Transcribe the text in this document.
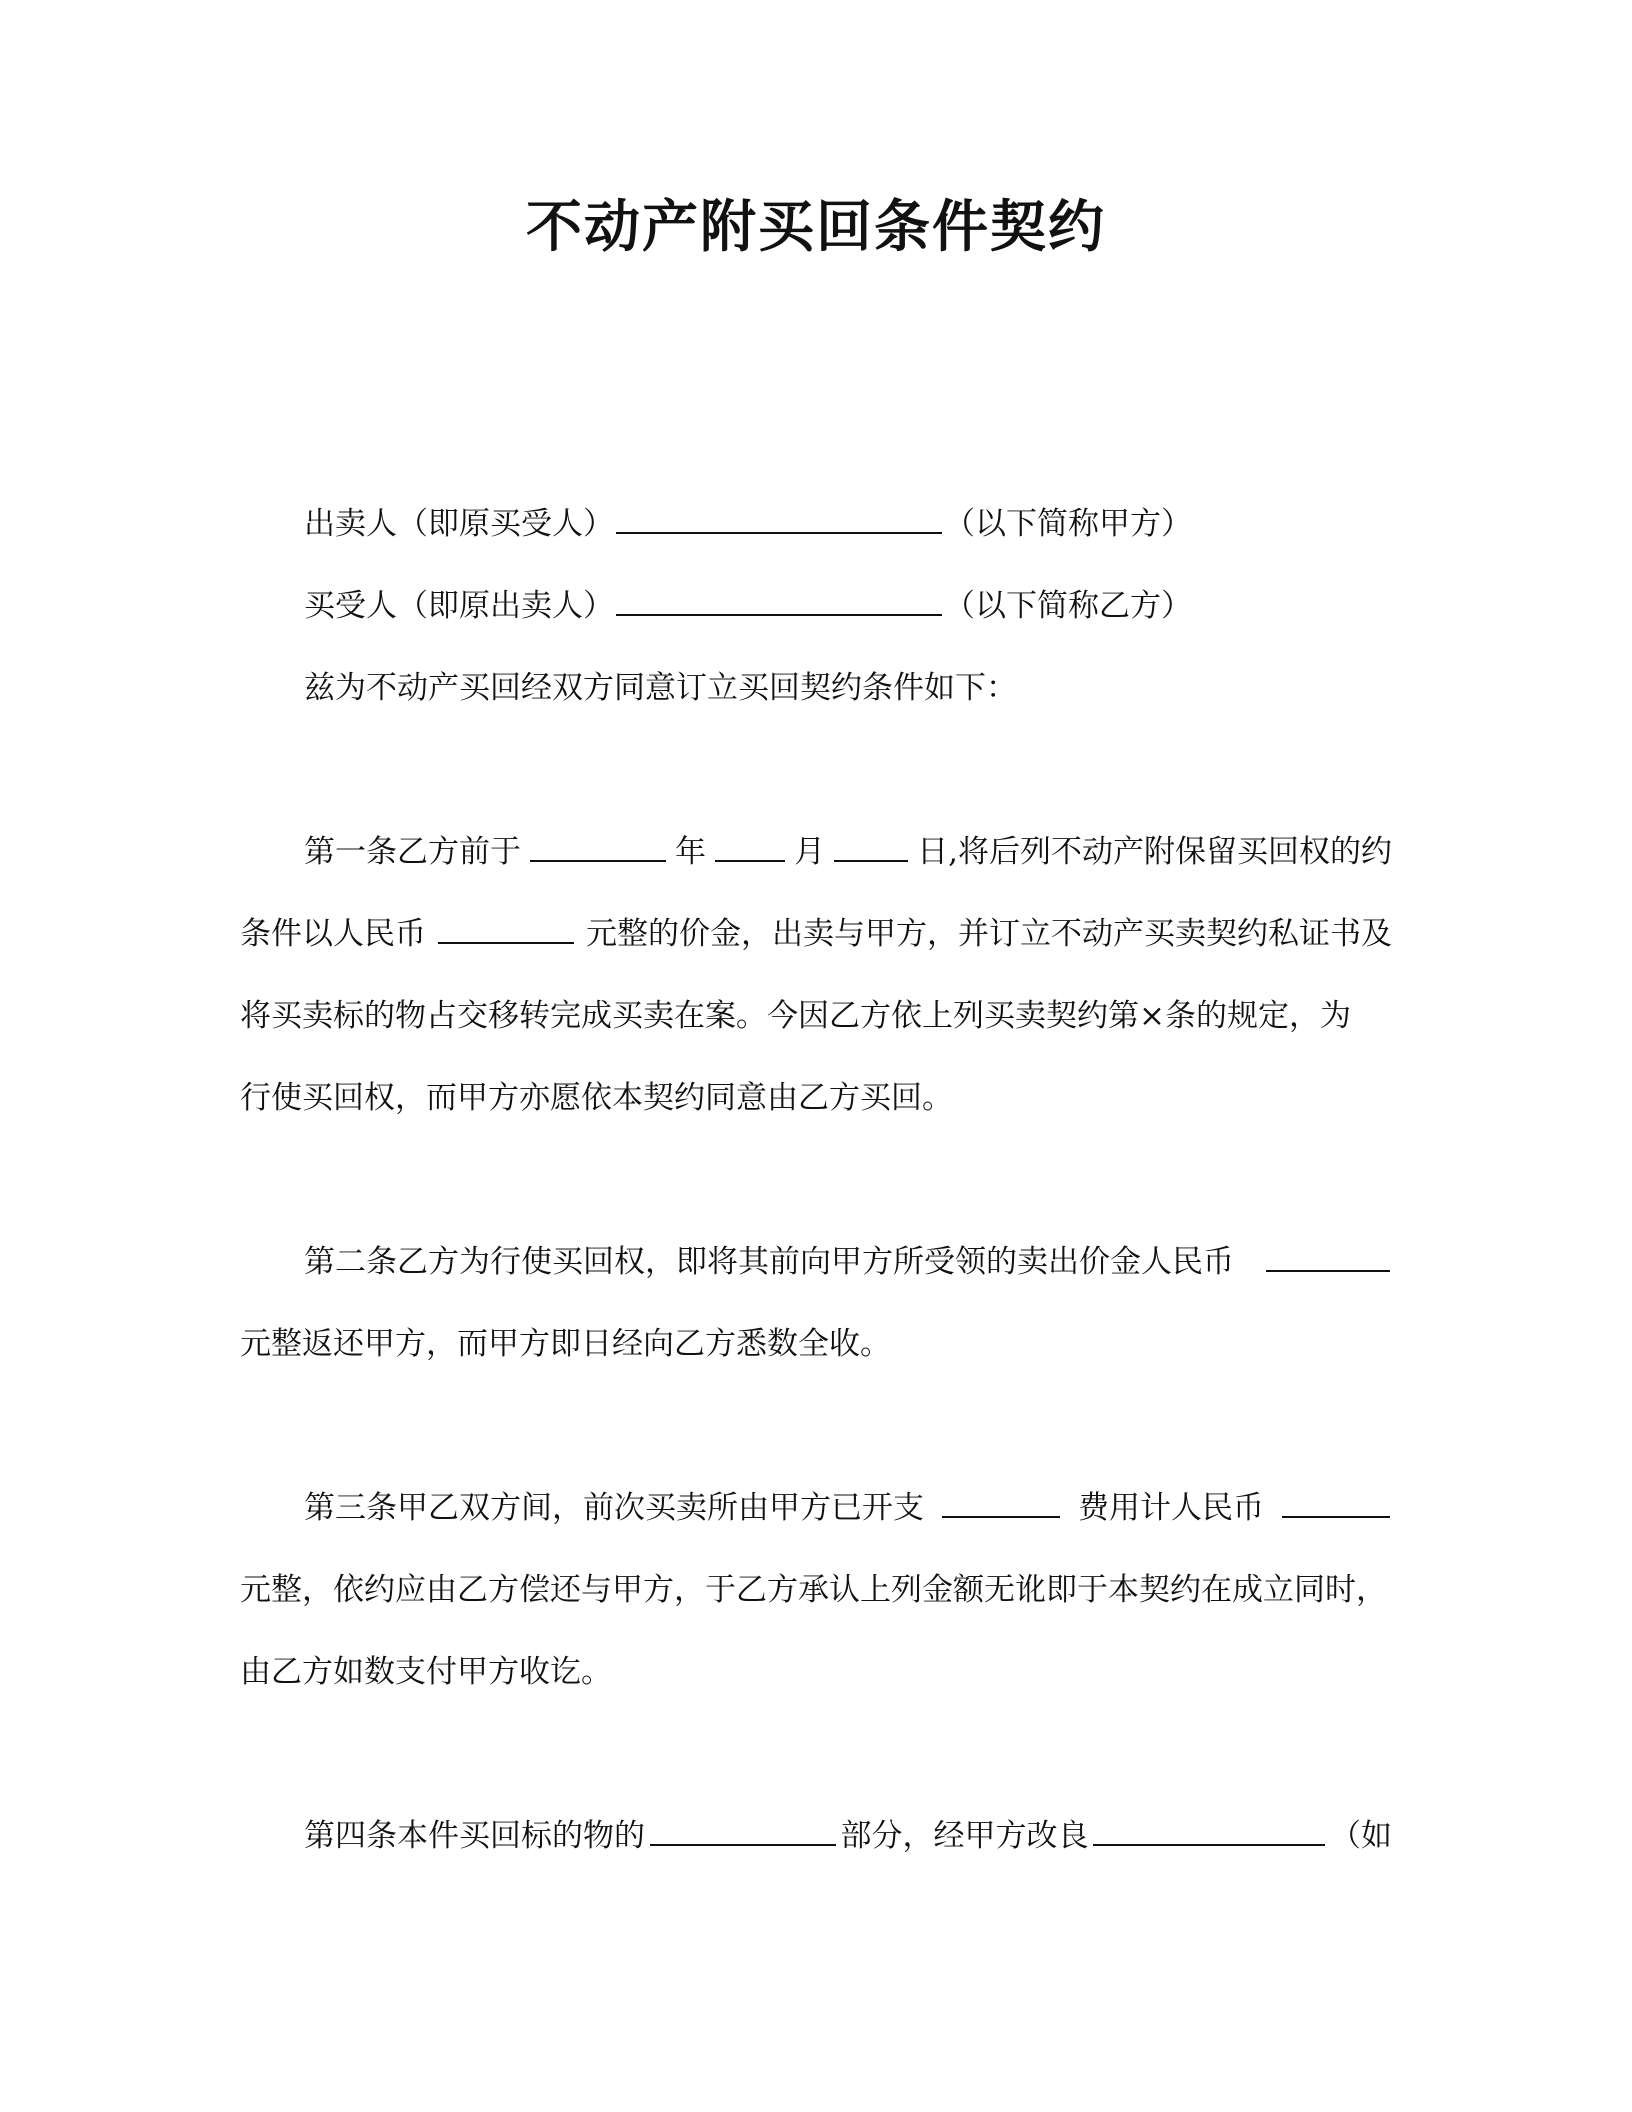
不动产附买回条件契约
出卖人（即原买受人）	（以下简称甲方）
买受人（即原出卖人）	（以下简称乙方）
兹为不动产买回经双方同意订立买回契约条件如下：
第一条乙方前于	年	月	日,将后列不动产附保留买回权的约
条件以人民币	元整的价金，出卖与甲方，并订立不动产买卖契约私证书及
将买卖标的物占交移转完成买卖在案。今因乙方依上列买卖契约第×条的规定，为
行使买回权，而甲方亦愿依本契约同意由乙方买回。
第二条乙方为行使买回权，即将其前向甲方所受领的卖出价金人民币
元整返还甲方，而甲方即日经向乙方悉数全收。
第三条甲乙双方间，前次买卖所由甲方已开支	费用计人民币
元整，依约应由乙方偿还与甲方，于乙方承认上列金额无讹即于本契约在成立同时，
由乙方如数支付甲方收讫。
第四条本件买回标的物的	部分，经甲方改良	（如
